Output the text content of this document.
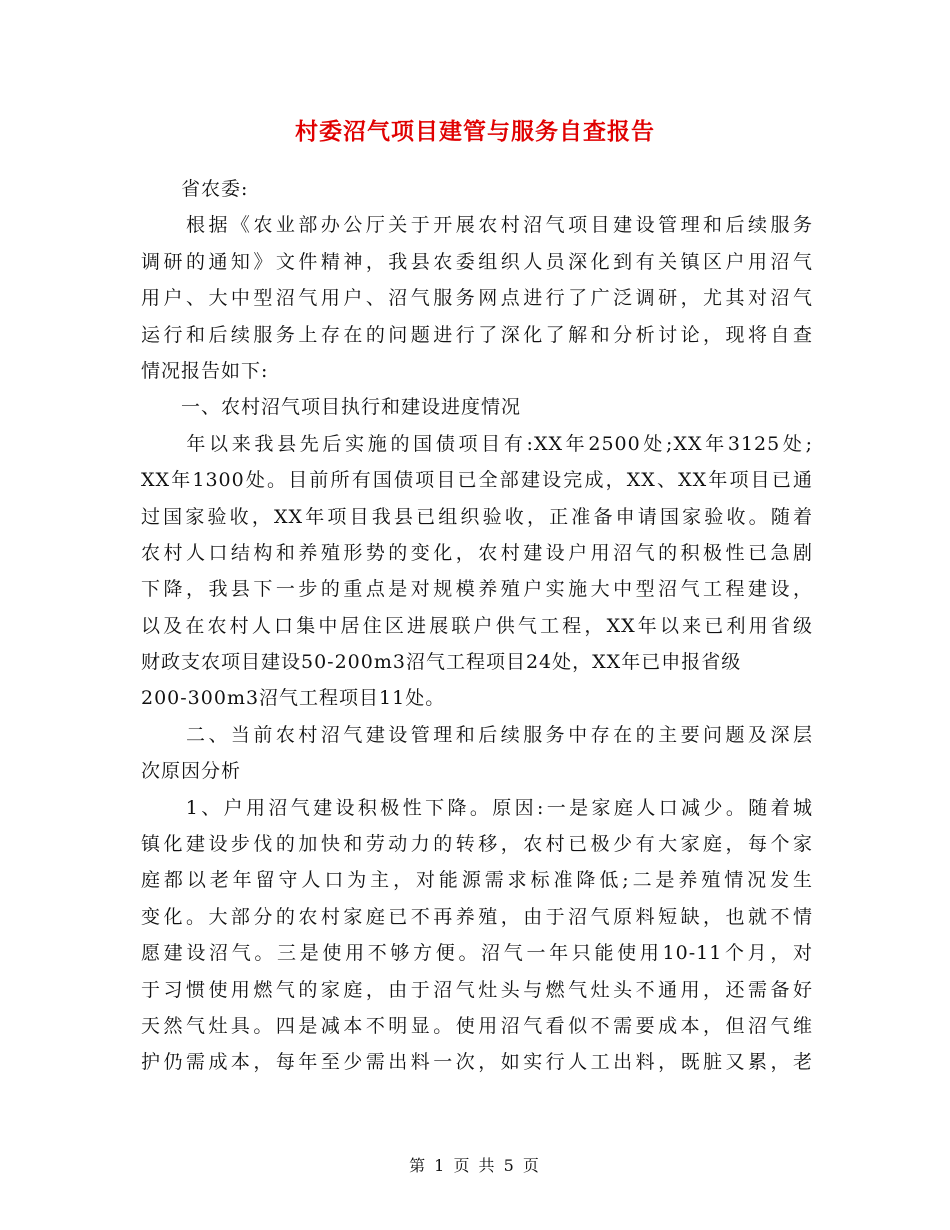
村委沼气项目建管与服务自查报告
　　省农委:
　　根据《农业部办公厅关于开展农村沼气项目建设管理和后续服务
调研的通知》文件精神，我县农委组织人员深化到有关镇区户用沼气
用户、大中型沼气用户、沼气服务网点进行了广泛调研，尤其对沼气
运行和后续服务上存在的问题进行了深化了解和分析讨论，现将自查
情况报告如下:
　　一、农村沼气项目执行和建设进度情况
　　年以来我县先后实施的国债项目有:XX年2500处;XX年3125处;
XX年1300处。目前所有国债项目已全部建设完成，XX、XX年项目已通
过国家验收，XX年项目我县已组织验收，正准备申请国家验收。随着
农村人口结构和养殖形势的变化，农村建设户用沼气的积极性已急剧
下降，我县下一步的重点是对规模养殖户实施大中型沼气工程建设，
以及在农村人口集中居住区进展联户供气工程，XX年以来已利用省级
财政支农项目建设50-200m3沼气工程项目24处，XX年已申报省级
200-300m3沼气工程项目11处。
　　二、当前农村沼气建设管理和后续服务中存在的主要问题及深层
次原因分析
　　1、户用沼气建设积极性下降。原因:一是家庭人口减少。随着城
镇化建设步伐的加快和劳动力的转移，农村已极少有大家庭，每个家
庭都以老年留守人口为主，对能源需求标准降低;二是养殖情况发生
变化。大部分的农村家庭已不再养殖，由于沼气原料短缺，也就不情
愿建设沼气。三是使用不够方便。沼气一年只能使用10-11个月，对
于习惯使用燃气的家庭，由于沼气灶头与燃气灶头不通用，还需备好
天然气灶具。四是减本不明显。使用沼气看似不需要成本，但沼气维
护仍需成本，每年至少需出料一次，如实行人工出料，既脏又累，老
第 1 页 共 5 页
